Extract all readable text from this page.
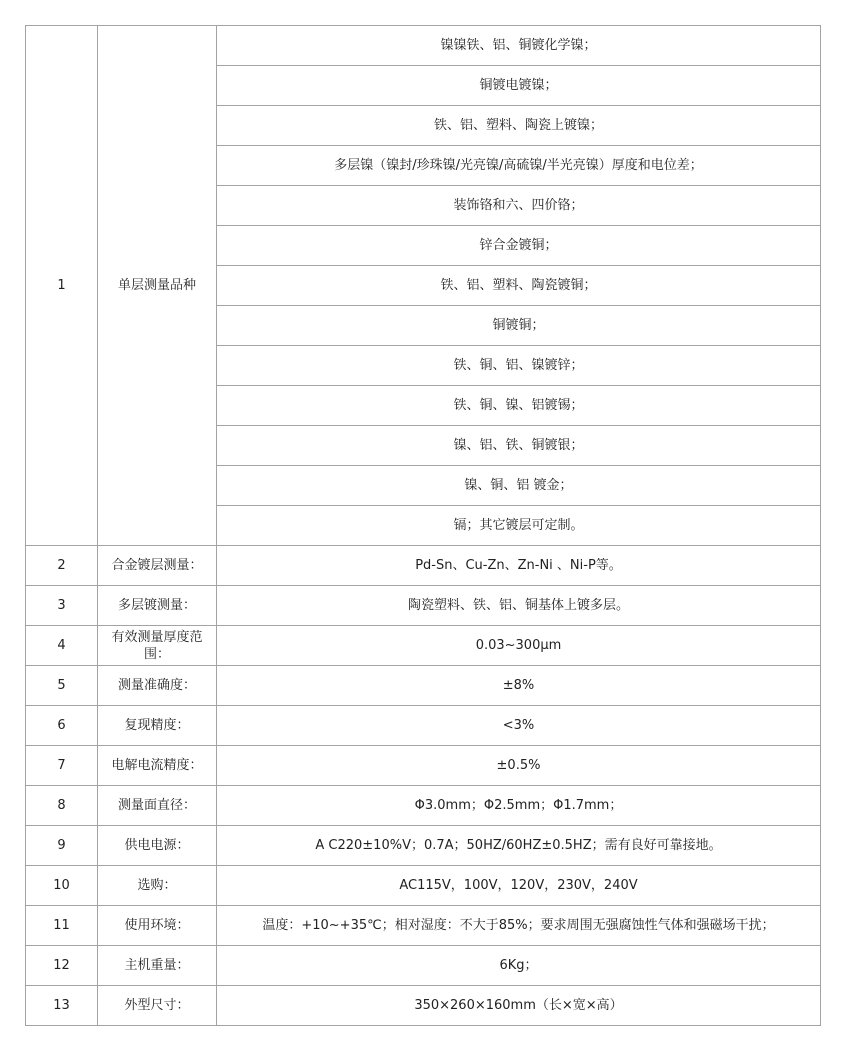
1	单层测量品种	镍镍铁、铝、铜镀化学镍；
		铜镀电镀镍；
		铁、铝、塑料、陶瓷上镀镍；
		多层镍（镍封/珍珠镍/光亮镍/高硫镍/半光亮镍）厚度和电位差；
		装饰铬和六、四价铬；
		锌合金镀铜；
		铁、铝、塑料、陶瓷镀铜；
		铜镀铜；
		铁、铜、铝、镍镀锌；
		铁、铜、镍、铝镀锡；
		镍、铝、铁、铜镀银；
		镍、铜、铝 镀金；
		镉；其它镀层可定制。
2	合金镀层测量：	Pd-Sn、Cu-Zn、Zn-Ni 、Ni-P等。
3	多层镀测量：	陶瓷塑料、铁、铝、铜基体上镀多层。
4	有效测量厚度范围：	0.03~300μm
5	测量准确度：	±8%
6	复现精度：	<3%
7	电解电流精度：	±0.5%
8	测量面直径：	Φ3.0mm；Φ2.5mm；Φ1.7mm；
9	供电电源：	A C220±10%V；0.7A；50HZ/60HZ±0.5HZ；需有良好可靠接地。
10	选购：	AC115V，100V，120V，230V，240V
11	使用环境：	温度：+10~+35℃；相对湿度：不大于85%；要求周围无强腐蚀性气体和强磁场干扰；
12	主机重量：	6Kg；
13	外型尺寸：	350×260×160mm（长×宽×高）
